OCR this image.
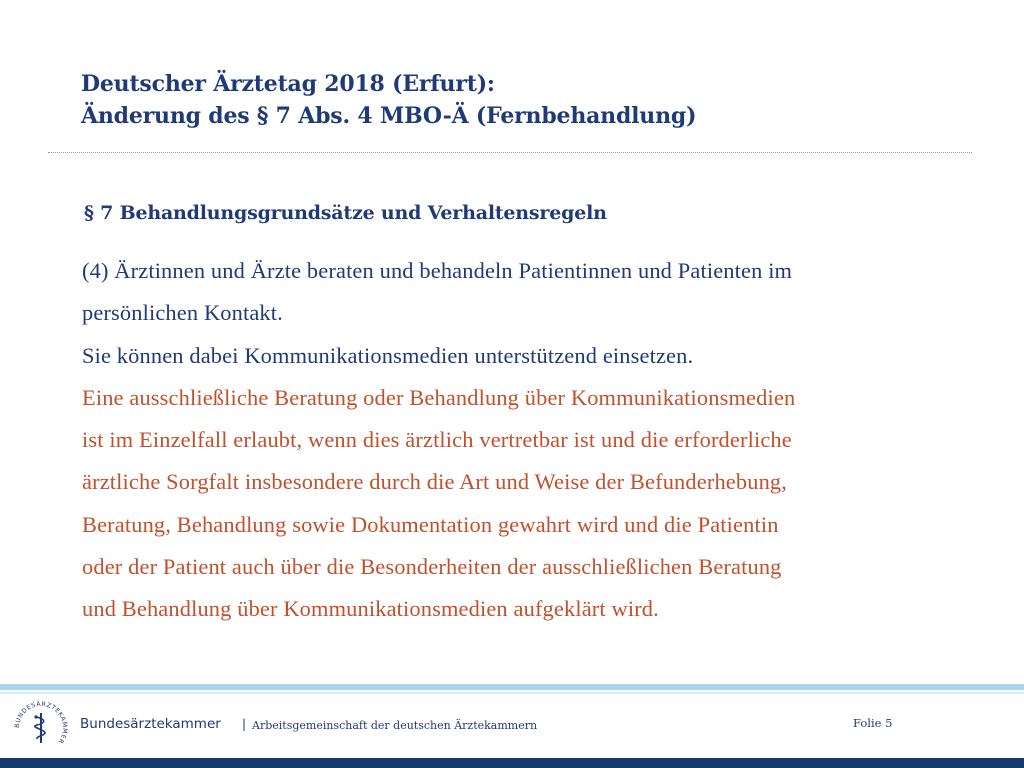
Deutscher Ärztetag 2018 (Erfurt):
Änderung des § 7 Abs. 4 MBO-Ä (Fernbehandlung)
§ 7 Behandlungsgrundsätze und Verhaltensregeln
(4) Ärztinnen und Ärzte beraten und behandeln Patientinnen und Patienten im
persönlichen Kontakt.
Sie können dabei Kommunikationsmedien unterstützend einsetzen.
Eine ausschließliche Beratung oder Behandlung über Kommunikationsmedien
ist im Einzelfall erlaubt, wenn dies ärztlich vertretbar ist und die erforderliche
ärztliche Sorgfalt insbesondere durch die Art und Weise der Befunderhebung,
Beratung, Behandlung sowie Dokumentation gewahrt wird und die Patientin
oder der Patient auch über die Besonderheiten der ausschließlichen Beratung
und Behandlung über Kommunikationsmedien aufgeklärt wird.
BUNDESÄRZTEKAMMER
Bundesärztekammer | Arbeitsgemeinschaft der deutschen Ärztekammern	Folie 5
